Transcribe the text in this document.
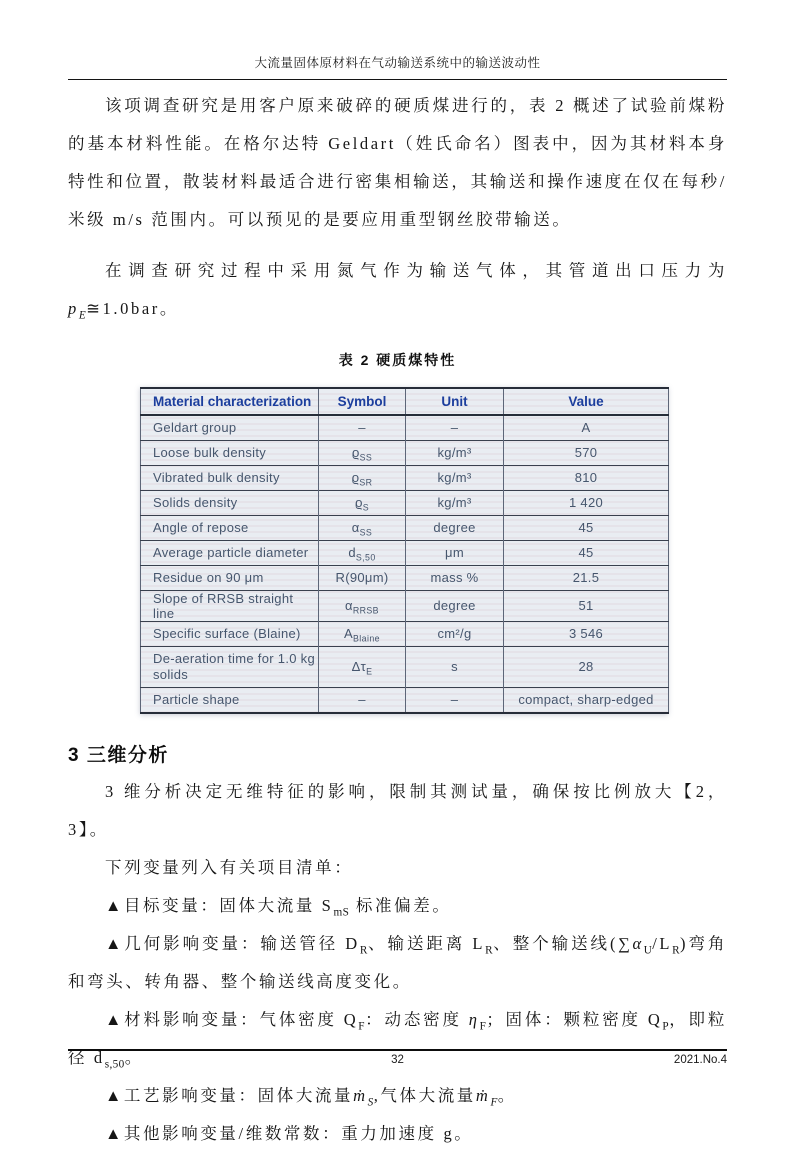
大流量固体原材料在气动输送系统中的输送波动性

该项调查研究是用客户原来破碎的硬质煤进行的，表 2 概述了试验前煤粉的基本材料性能。在格尔达特 Geldart（姓氏命名）图表中，因为其材料本身特性和位置，散装材料最适合进行密集相输送，其输送和操作速度在仅在每秒/米级 m/s 范围内。可以预见的是要应用重型钢丝胶带输送。

在调查研究过程中采用氮气作为输送气体，其管道出口压力为$p_E≅1.0bar$。

表 2 硬质煤特性
Material characterization	Symbol	Unit	Value
Geldart group	–	–	A
Loose bulk density	$ϱ_{SS}$	kg/m³	570
Vibrated bulk density	$ϱ_{SR}$	kg/m³	810
Solids density	$ϱ_S$	kg/m³	1 420
Angle of repose	$\alpha_{SS}$	degree	45
Average particle diameter	$d_{S,50}$	μm	45
Residue on 90 μm	R(90μm)	mass %	21.5
Slope of RRSB straight line	$\alpha_{RRSB}$	degree	51
Specific surface (Blaine)	$A_{Blaine}$	cm²/g	3 546
De-aeration time for 1.0 kg solids	$\Delta\tau_E$	s	28
Particle shape	–	–	compact, sharp-edged
3 三维分析

3 维分析决定无维特征的影响，限制其测试量，确保按比例放大【2，3】。

下列变量列入有关项目清单：

▲目标变量：固体大流量 $S_{mS}$ 标准偏差。

▲几何影响变量：输送管径 $D_R$、输送距离 $L_R$、整个输送线$(\sum\alpha_U/L_R)$弯角和弯头、转角器、整个输送线高度变化。

▲材料影响变量：气体密度 $Q_F$：动态密度 $\eta_F$；固体：颗粒密度 $Q_P$，即粒径 $d_{s,50}$。

▲工艺影响变量：固体大流量ṁ$_S$,气体大流量ṁ$_F$。

▲其他影响变量/维数常数：重力加速度 g。

32	2021.No.4
